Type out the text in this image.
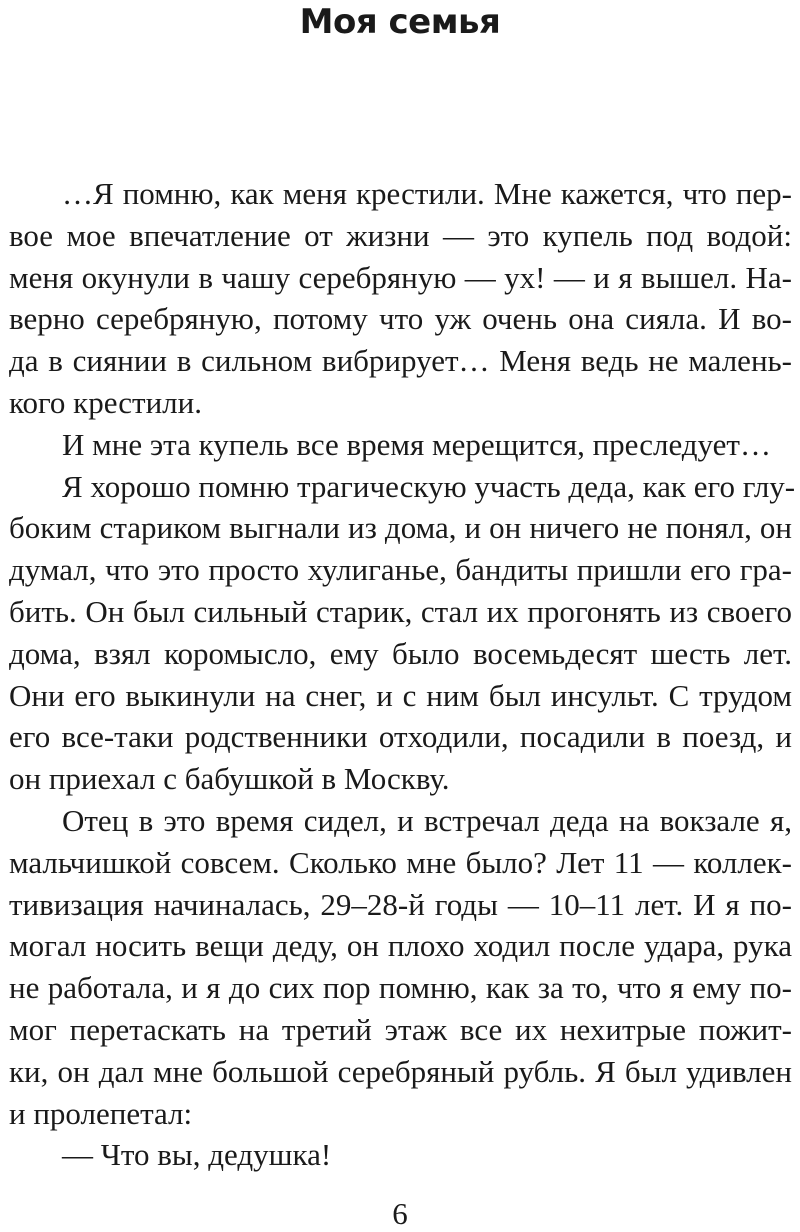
Моя семья
…Я помню, как меня крестили. Мне кажется, что пер-
вое мое впечатление от жизни — это купель под водой:
меня окунули в чашу серебряную — ух! — и я вышел. На-
верно серебряную, потому что уж очень она сияла. И во-
да в сиянии в сильном вибрирует… Меня ведь не малень-
кого крестили.
И мне эта купель все время мерещится, преследует…
Я хорошо помню трагическую участь деда, как его глу-
боким стариком выгнали из дома, и он ничего не понял, он
думал, что это просто хулиганье, бандиты пришли его гра-
бить. Он был сильный старик, стал их прогонять из своего
дома, взял коромысло, ему было восемьдесят шесть лет.
Они его выкинули на снег, и с ним был инсульт. С трудом
его все-таки родственники отходили, посадили в поезд, и
он приехал с бабушкой в Москву.
Отец в это время сидел, и встречал деда на вокзале я,
мальчишкой совсем. Сколько мне было? Лет 11 — коллек-
тивизация начиналась, 29–28-й годы — 10–11 лет. И я по-
могал носить вещи деду, он плохо ходил после удара, рука
не работала, и я до сих пор помню, как за то, что я ему по-
мог перетаскать на третий этаж все их нехитрые пожит-
ки, он дал мне большой серебряный рубль. Я был удивлен
и пролепетал:
— Что вы, дедушка!
6
